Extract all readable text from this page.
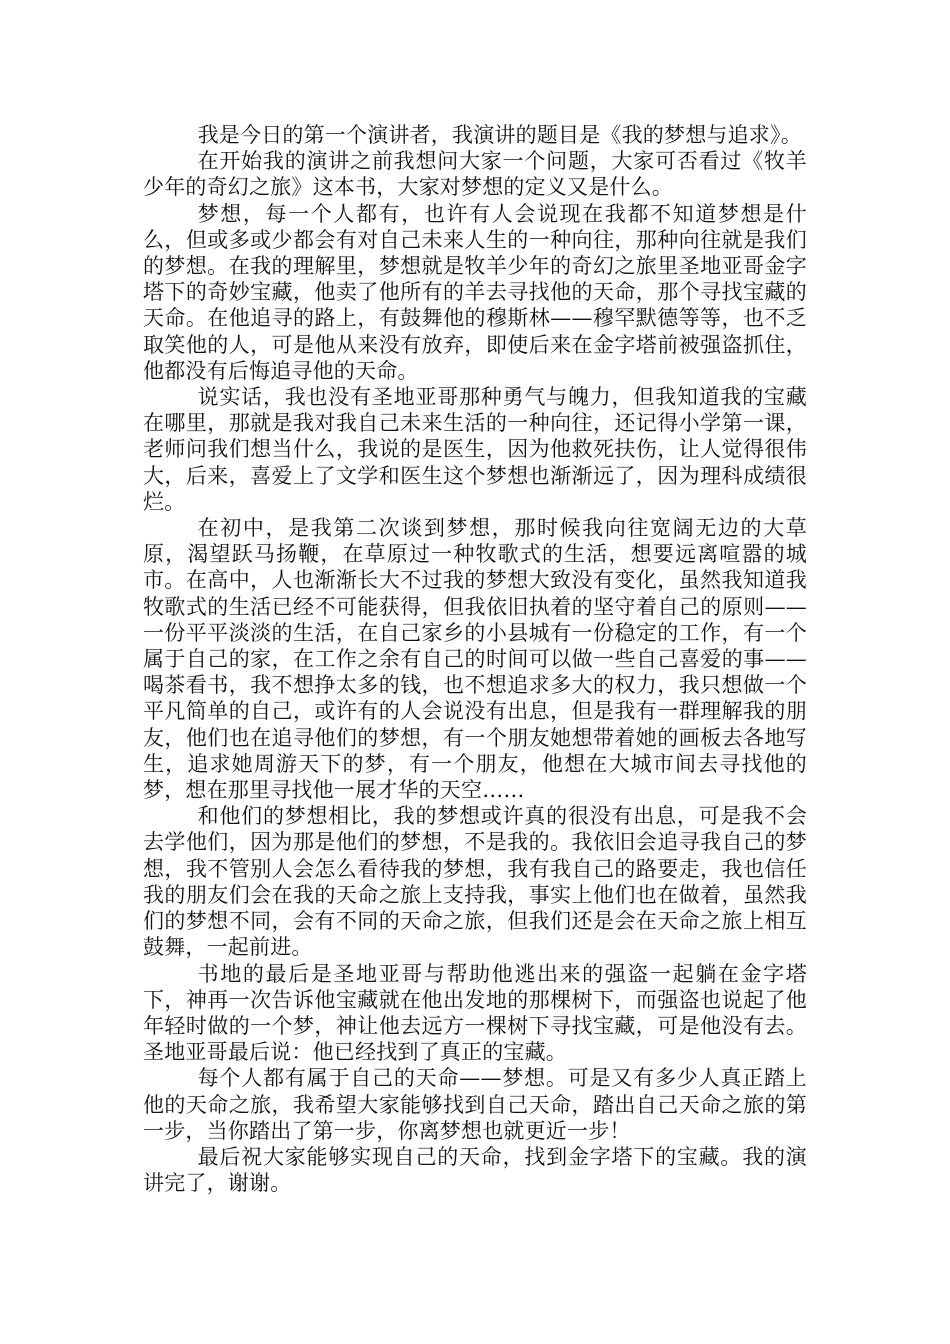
我是今日的第一个演讲者，我演讲的题目是《我的梦想与追求》。

在开始我的演讲之前我想问大家一个问题，大家可否看过《牧羊少年的奇幻之旅》这本书，大家对梦想的定义又是什么。

梦想，每一个人都有，也许有人会说现在我都不知道梦想是什么，但或多或少都会有对自己未来人生的一种向往，那种向往就是我们的梦想。在我的理解里，梦想就是牧羊少年的奇幻之旅里圣地亚哥金字塔下的奇妙宝藏，他卖了他所有的羊去寻找他的天命，那个寻找宝藏的天命。在他追寻的路上，有鼓舞他的穆斯林——穆罕默德等等，也不乏取笑他的人，可是他从来没有放弃，即使后来在金字塔前被强盗抓住，他都没有后悔追寻他的天命。

说实话，我也没有圣地亚哥那种勇气与魄力，但我知道我的宝藏在哪里，那就是我对我自己未来生活的一种向往，还记得小学第一课，老师问我们想当什么，我说的是医生，因为他救死扶伤，让人觉得很伟大，后来，喜爱上了文学和医生这个梦想也渐渐远了，因为理科成绩很烂。

在初中，是我第二次谈到梦想，那时候我向往宽阔无边的大草原，渴望跃马扬鞭，在草原过一种牧歌式的生活，想要远离喧嚣的城市。在高中，人也渐渐长大不过我的梦想大致没有变化，虽然我知道我牧歌式的生活已经不可能获得，但我依旧执着的坚守着自己的原则——一份平平淡淡的生活，在自己家乡的小县城有一份稳定的工作，有一个属于自己的家，在工作之余有自己的时间可以做一些自己喜爱的事——喝茶看书，我不想挣太多的钱，也不想追求多大的权力，我只想做一个平凡简单的自己，或许有的人会说没有出息，但是我有一群理解我的朋友，他们也在追寻他们的梦想，有一个朋友她想带着她的画板去各地写生，追求她周游天下的梦，有一个朋友，他想在大城市间去寻找他的梦，想在那里寻找他一展才华的天空……

和他们的梦想相比，我的梦想或许真的很没有出息，可是我不会去学他们，因为那是他们的梦想，不是我的。我依旧会追寻我自己的梦想，我不管别人会怎么看待我的梦想，我有我自己的路要走，我也信任我的朋友们会在我的天命之旅上支持我，事实上他们也在做着，虽然我们的梦想不同，会有不同的天命之旅，但我们还是会在天命之旅上相互鼓舞，一起前进。

书地的最后是圣地亚哥与帮助他逃出来的强盗一起躺在金字塔下，神再一次告诉他宝藏就在他出发地的那棵树下，而强盗也说起了他年轻时做的一个梦，神让他去远方一棵树下寻找宝藏，可是他没有去。圣地亚哥最后说：他已经找到了真正的宝藏。

每个人都有属于自己的天命——梦想。可是又有多少人真正踏上他的天命之旅，我希望大家能够找到自己天命，踏出自己天命之旅的第一步，当你踏出了第一步，你离梦想也就更近一步！

最后祝大家能够实现自己的天命，找到金字塔下的宝藏。我的演讲完了，谢谢。
